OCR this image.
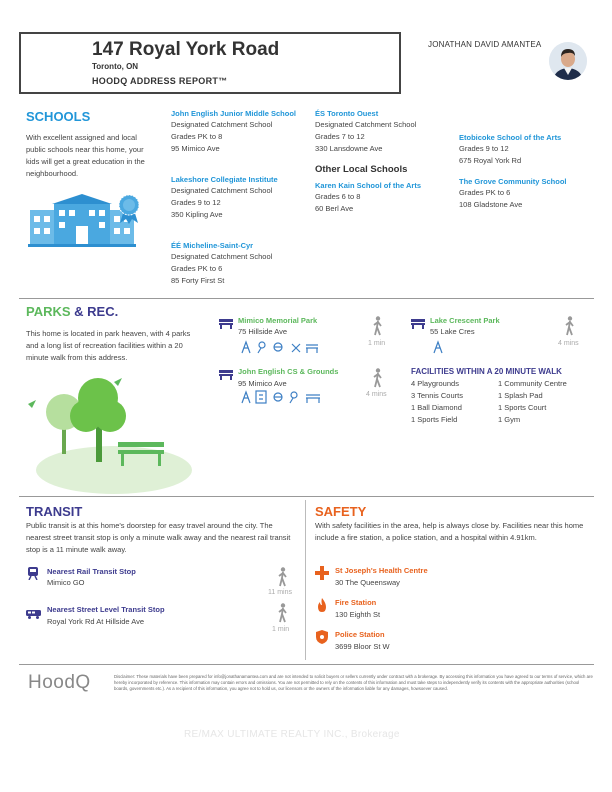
147 Royal York Road
Toronto, ON
HOODQ ADDRESS REPORT™
JONATHAN DAVID AMANTEA
SCHOOLS
With excellent assigned and local public schools near this home, your kids will get a great education in the neighbourhood.
John English Junior Middle School
Designated Catchment School
Grades PK to 8
95 Mimico Ave
Lakeshore Collegiate Institute
Designated Catchment School
Grades 9 to 12
350 Kipling Ave
ÉÉ Micheline-Saint-Cyr
Designated Catchment School
Grades PK to 6
85 Forty First St
ÉS Toronto Ouest
Designated Catchment School
Grades 7 to 12
330 Lansdowne Ave
Other Local Schools
Karen Kain School of the Arts
Grades 6 to 8
60 Berl Ave
Etobicoke School of the Arts
Grades 9 to 12
675 Royal York Rd
The Grove Community School
Grades PK to 6
108 Gladstone Ave
PARKS & REC.
This home is located in park heaven, with 4 parks and a long list of recreation facilities within a 20 minute walk from this address.
Mimico Memorial Park
75 Hillside Ave
1 min
Lake Crescent Park
55 Lake Cres
4 mins
John English CS & Grounds
95 Mimico Ave
4 mins
FACILITIES WITHIN A 20 MINUTE WALK
4 Playgrounds
3 Tennis Courts
1 Ball Diamond
1 Sports Field
1 Community Centre
1 Splash Pad
1 Sports Court
1 Gym
TRANSIT
Public transit is at this home's doorstep for easy travel around the city. The nearest street transit stop is only a minute walk away and the nearest rail transit stop is a 11 minute walk away.
Nearest Rail Transit Stop
Mimico GO
11 mins
Nearest Street Level Transit Stop
Royal York Rd At Hillside Ave
1 min
SAFETY
With safety facilities in the area, help is always close by. Facilities near this home include a fire station, a police station, and a hospital within 4.91km.
St Joseph's Health Centre
30 The Queensway
Fire Station
130 Eighth St
Police Station
3699 Bloor St W
HoodQ	Disclaimer: These materials have been prepared for info@jonathanamantea.com and are not intended to solicit buyers or sellers currently under contract with a brokerage. By accessing this information you have agreed to our terms of service, which are hereby incorporated by reference. This information may contain errors and omissions. You are not permitted to rely on the contents of this information and must take steps to independently verify its contents with the appropriate authorities (school boards, governments etc.). As a recipient of this information, you agree not to hold us, our licensors or the owners of the information liable for any damages, howsoever caused.
RE/MAX ULTIMATE REALTY INC., Brokerage
